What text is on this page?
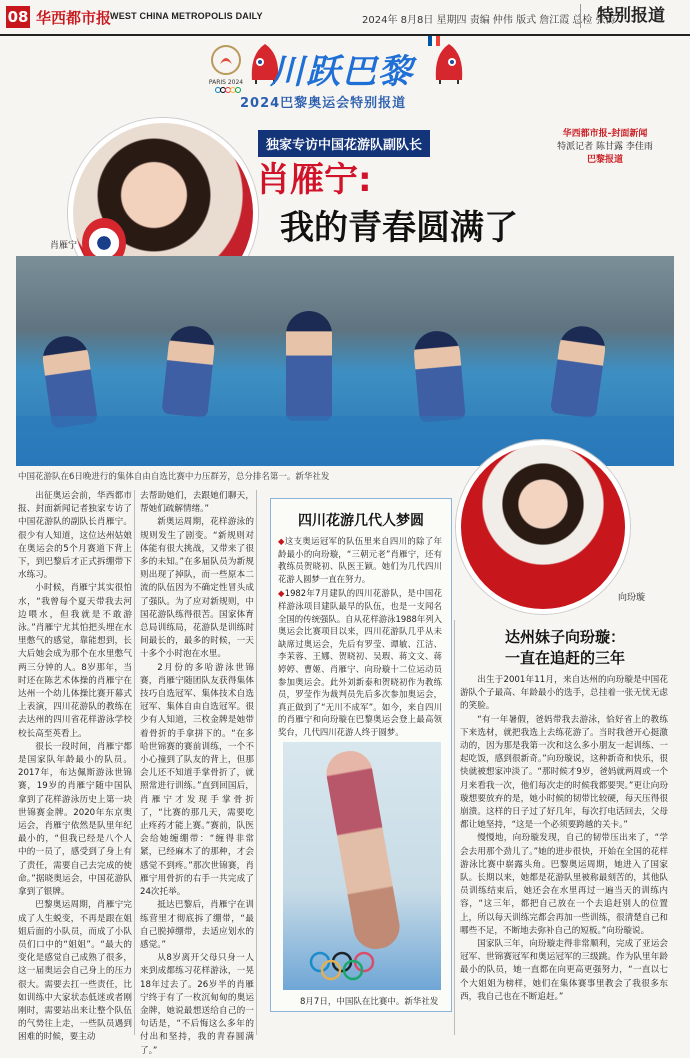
08 华西都市报
WEST CHINA METROPOLIS DAILY	2024年 8月8日 星期四 责编 仲伟 版式 詹江霞 总检 张涛
特别报道
PARIS 2024 川跃巴黎
2024巴黎奥运会特别报道
肖雁宁
独家专访中国花游队副队长
肖雁宁:
我的青春圆满了
华西都市报-封面新闻
特派记者 陈甘露 李佳雨
巴黎报道
中国花游队在6日晚进行的集体自由自选比赛中力压群芳，总分排名第一。新华社发
向玢璇

出征奥运会前，华西都市报、封面新闻记者独家专访了中国花游队的副队长肖雁宁。很少有人知道，这位达州姑娘在奥运会的5个月赛道下背上下，到巴黎后才正式拆绷带下水练习。

小时候，肖雁宁其实很怕水，“我曾每个夏天带我去河边喂水，但我就是不敢游泳。”肖雁宁尤其怕把头埋在水里憋气的感觉，靠能想到，长大后她会成为那个在水里憋气两三分钟的人。8岁那年，当时还在陈艺术体操的肖雁宁在达州一个幼儿体操比赛开幕式上表演，四川花游队的教练在去达州的四川省花样游泳学校校长高至英看上。

很长一段时间，肖雁宁都是国家队年龄最小的队员。2017年，布达佩斯游泳世锦赛，19岁的肖雁宁随中国队拿到了花样游泳历史上第一块世锦赛金牌。2020年东京奥运会，肖雁宁依然是队里年纪最小的，“但我已经是八个人中的一员了，感受到了身上有了责任，需要自己去完成的使命。”据晓奥运会，中国花游队拿到了银牌。

巴黎奥运周期，肖雁宁完成了人生蜕变，不再是跟在姐姐后面的小队员，而成了小队员们口中的“姐姐”。“最大的变化是感觉自己成熟了很多，这一届奥运会自己身上的压力很大。需要去扛一些责任，比如训练中大家状态低迷或者刚刚时，需要站出来让整个队伍的气势往上走，一些队员遇到困难的时候，要主动

去帮助她们，去跟她们聊天，帮她们疏解情绪。”

新奥运周期，花样游泳的规则发生了剧变。“新规则对体能有很大挑战，又带来了很多的未知。”在多届队员为新规则出现了掉队，而一些原本二流的队伍因为不确定性冒头成了强队。为了应对新规则，中国花游队练得很苦。国家体育总局训练局，花游队是训练时间最长的，最多的时候，一天十多个小时泡在水里。

2月份的多哈游泳世锦赛，肖雁宁随团队友获得集体技巧自选冠军、集体技术自选冠军、集体自由自选冠军。很少有人知道，三枚金牌是她带着骨折的手拿拼下的。“在多哈世锦赛的赛前训练，一个不小心撞到了队友的背上，但那会儿还不知道手掌骨折了，就照常进行训练。”直到回国后，肖雁宁才发现手掌骨折了，“比赛的那几天，需要吃止疼药才能上赛。”赛前，队医会给她缠绷带：“缠得非常紧，已经麻木了的那种，才会感觉不到疼。”那次世锦赛，肖雁宁用骨折的右手一共完成了24次托举。

抵达巴黎后，肖雁宁在训练营里才彻底拆了绷带，“最自己脱掉绷带，去适应划水的感觉。”

从8岁离开父母只身一人来到成都练习花样游泳，一晃18年过去了。26岁半的肖雁宁终于有了一枚沉甸甸的奥运金牌，她说最想送给自己的一句话是，“不后悔这么多年的付出和坚持，我的青春圆满了。”

四川花游几代人梦圆

◆这支奥运冠军的队伍里来自四川的除了年龄最小的向玢璇，“三朝元老”肖雁宁，还有教练员贺晓初、队医王颖。她们为几代四川花游人圆梦一直在努力。

◆1982年7月建队的四川花游队，是中国花样游泳项目建队最早的队伍，也是一支闻名全国的传统强队。自从花样游泳1988年列入奥运会比赛项目以来，四川花游队几乎从未缺席过奥运会，先后有罗莹、谭敏、江洁、李茉蓉、王娜、贺晓初、吴瑕、蒋文文、蒋婷婷、曹姬、肖雁宁、向玢璇十二位运动员参加奥运会。此外刘新泰和贺晓初作为教练员，罗莹作为裁判员先后多次参加奥运会，真正做到了“无川不成军”。如今，来自四川的肖雁宁和向玢璇在巴黎奥运会登上最高领奖台，几代四川花游人终于圆梦。

8月7日，中国队在比赛中。新华社发
达州妹子向玢璇：
一直在追赶的三年

出生于2001年11月，来自达州的向玢璇是中国花游队个子最高、年龄最小的选手，总挂着一张无忧无虑的笑脸。

“有一年暑假，爸妈带我去游泳，恰好省上的教练下来选材，就把我选上去练花游了。当时我爸开心挺激动的，因为那是我第一次和这么多小朋友一起训练、一起吃饭，感到很新奇。”向玢璇说，这种新奇和快乐，很快就被想家冲淡了。“那时候才9岁，爸妈就两周或一个月来看我一次，他们每次走的时候我都要哭。”更让向玢璇想要放弃的是，她小时候的韧带比较硬，每天压得很崩溃。这样的日子过了好几年，每次打电话回去，父母都让她坚持，“这是一个必须要跨越的关卡。”

慢慢地，向玢璇发现，自己的韧带压出来了，“学会去用那个劲儿了。”她的进步很快，开始在全国的花样游泳比赛中崭露头角。巴黎奥运周期，她进入了国家队。长期以来，她都是花游队里被称最刻苦的，其他队员训练结束后，她还会在水里再过一遍当天的训练内容，“这三年，都把自己放在一个去追赶别人的位置上，所以每天训练完都会再加一些训练，很清楚自己和哪些不足，不断地去弥补自己的短板。”向玢璇说。

国家队三年，向玢璇走得非常顺利，完成了亚运会冠军、世锦赛冠军和奥运冠军的三级跳。作为队里年龄最小的队员，她一直都在向更高更强努力，“一直以七个大姐姐为榜样，她们在集体赛事里教会了我很多东西，我自己也在不断追赶。”
